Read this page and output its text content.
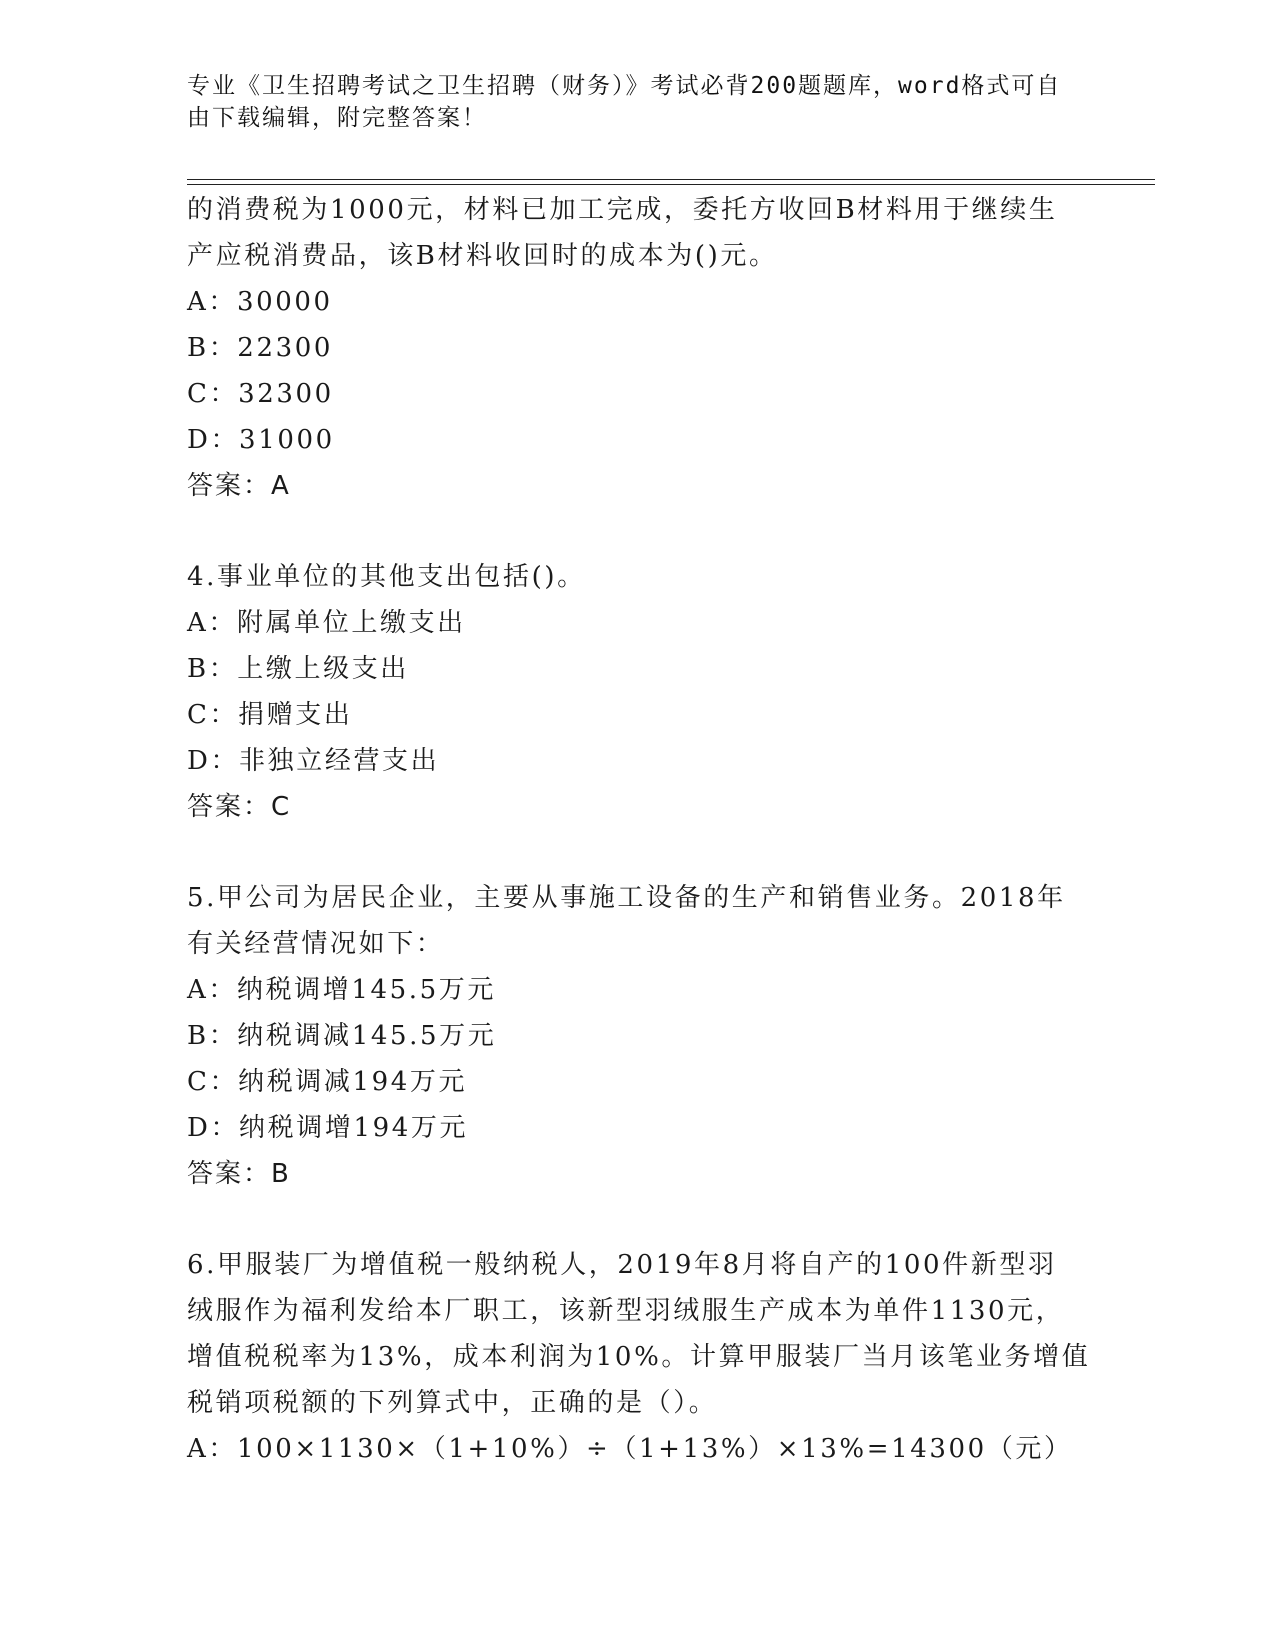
专业《卫生招聘考试之卫生招聘（财务）》考试必背200题题库，word格式可自
由下载编辑，附完整答案！
的消费税为1000元，材料已加工完成，委托方收回B材料用于继续生
产应税消费品，该B材料收回时的成本为()元。
A：30000
B：22300
C：32300
D：31000
答案：A
4.事业单位的其他支出包括()。
A：附属单位上缴支出
B：上缴上级支出
C：捐赠支出
D：非独立经营支出
答案：C
5.甲公司为居民企业，主要从事施工设备的生产和销售业务。2018年
有关经营情况如下：
A：纳税调增145.5万元
B：纳税调减145.5万元
C：纳税调减194万元
D：纳税调增194万元
答案：B
6.甲服装厂为增值税一般纳税人，2019年8月将自产的100件新型羽
绒服作为福利发给本厂职工，该新型羽绒服生产成本为单件1130元，
增值税税率为13%，成本利润为10%。计算甲服装厂当月该笔业务增值
税销项税额的下列算式中，正确的是（）。
A：100×1130×（1+10%）÷（1+13%）×13%=14300（元）
